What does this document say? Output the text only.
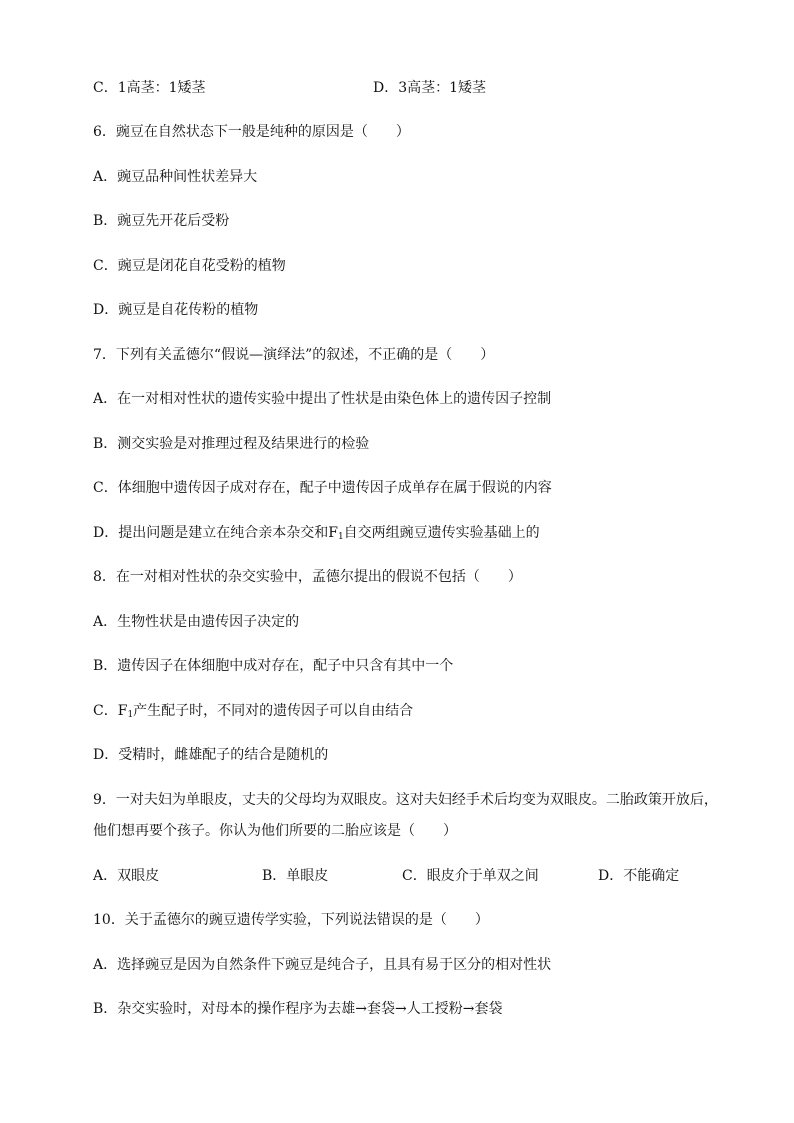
C．1高茎：1矮茎	D．3高茎：1矮茎
6．豌豆在自然状态下一般是纯种的原因是（　　）
A．豌豆品种间性状差异大
B．豌豆先开花后受粉
C．豌豆是闭花自花受粉的植物
D．豌豆是自花传粉的植物
7．下列有关孟德尔“假说—演绎法”的叙述，不正确的是（　　）
A．在一对相对性状的遗传实验中提出了性状是由染色体上的遗传因子控制
B．测交实验是对推理过程及结果进行的检验
C．体细胞中遗传因子成对存在，配子中遗传因子成单存在属于假说的内容
D．提出问题是建立在纯合亲本杂交和$F_1$自交两组豌豆遗传实验基础上的
8．在一对相对性状的杂交实验中，孟德尔提出的假说不包括（　　）
A．生物性状是由遗传因子决定的
B．遗传因子在体细胞中成对存在，配子中只含有其中一个
C．$F_1$产生配子时，不同对的遗传因子可以自由结合
D．受精时，雌雄配子的结合是随机的
9．一对夫妇为单眼皮，丈夫的父母均为双眼皮。这对夫妇经手术后均变为双眼皮。二胎政策开放后，
他们想再要个孩子。你认为他们所要的二胎应该是（　　）
A．双眼皮	B．单眼皮	C．眼皮介于单双之间	D．不能确定
10．关于孟德尔的豌豆遗传学实验，下列说法错误的是（　　）
A．选择豌豆是因为自然条件下豌豆是纯合子，且具有易于区分的相对性状
B．杂交实验时，对母本的操作程序为去雄→套袋→人工授粉→套袋
